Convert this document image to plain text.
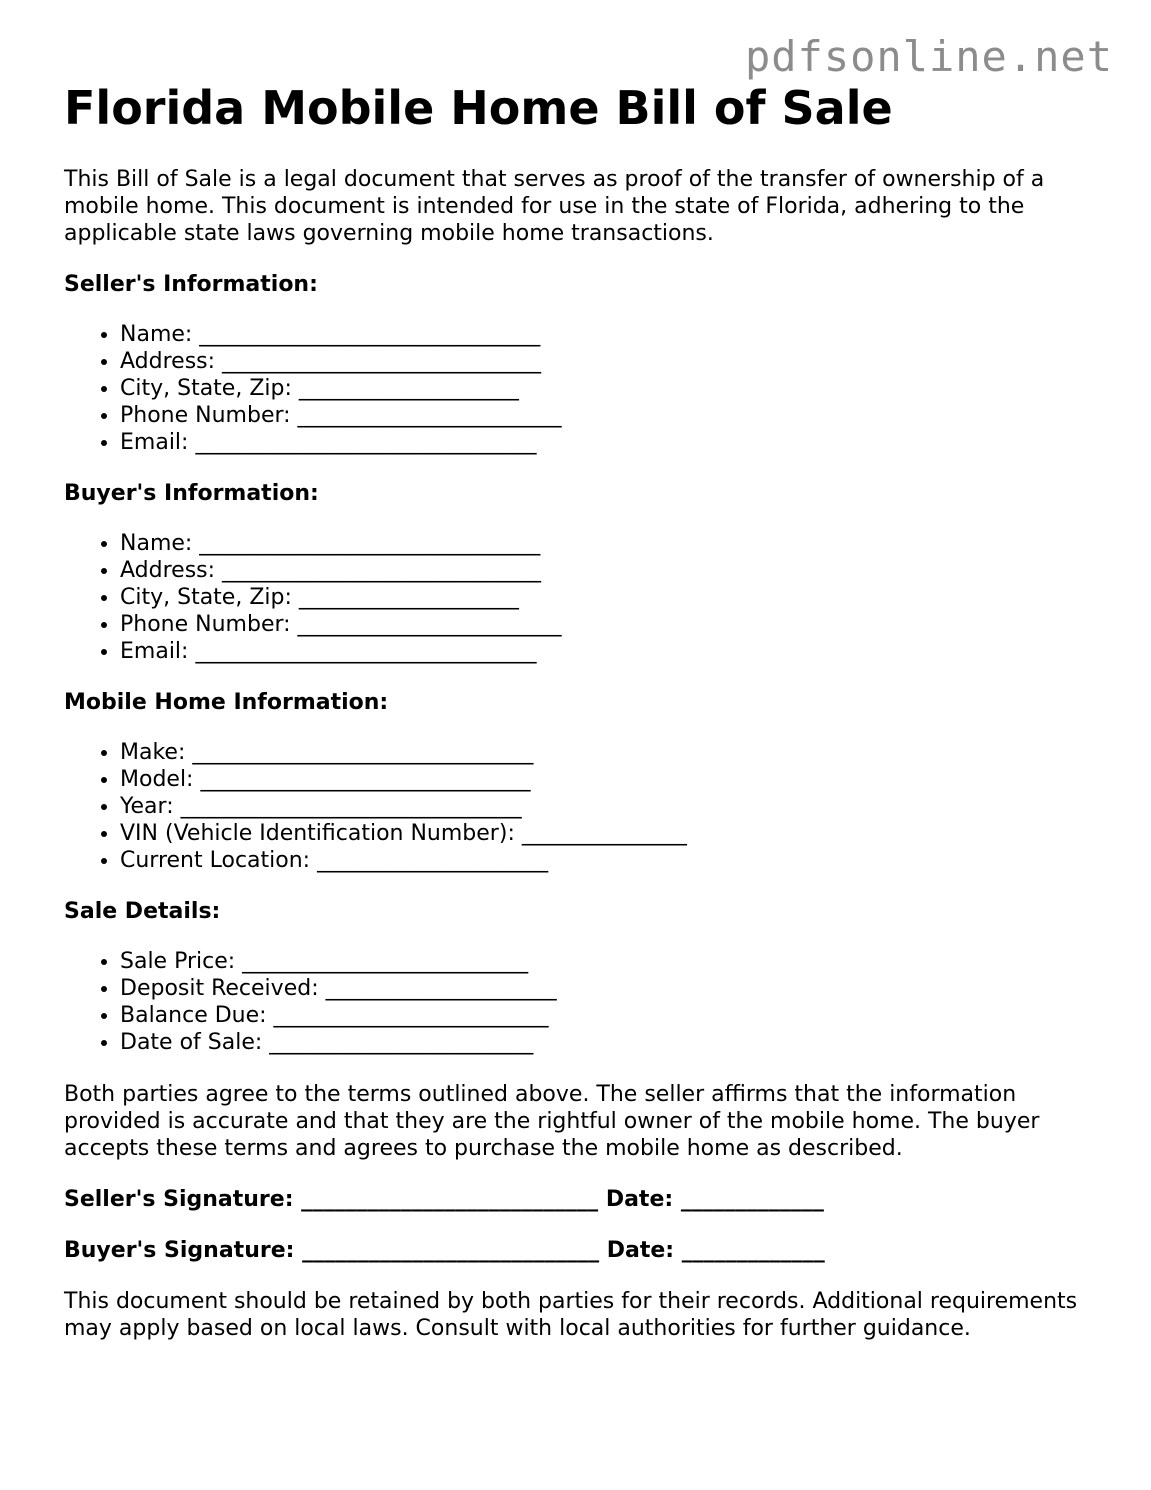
pdfsonline.net
Florida Mobile Home Bill of Sale

This Bill of Sale is a legal document that serves as proof of the transfer of ownership of a mobile home. This document is intended for use in the state of Florida, adhering to the applicable state laws governing mobile home transactions.

Seller's Information:
• Name: _______________________________
• Address: _____________________________
• City, State, Zip: ____________________
• Phone Number: ________________________
• Email: _______________________________
Buyer's Information:
• Name: _______________________________
• Address: _____________________________
• City, State, Zip: ____________________
• Phone Number: ________________________
• Email: _______________________________
Mobile Home Information:
• Make: _______________________________
• Model: ______________________________
• Year: _______________________________
• VIN (Vehicle Identification Number): _______________
• Current Location: _____________________
Sale Details:
• Sale Price: __________________________
• Deposit Received: _____________________
• Balance Due: _________________________
• Date of Sale: ________________________

Both parties agree to the terms outlined above. The seller affirms that the information provided is accurate and that they are the rightful owner of the mobile home. The buyer accepts these terms and agrees to purchase the mobile home as described.

Seller's Signature: ___________________________ Date: _____________
Buyer's Signature: ___________________________ Date: _____________

This document should be retained by both parties for their records. Additional requirements may apply based on local laws. Consult with local authorities for further guidance.
